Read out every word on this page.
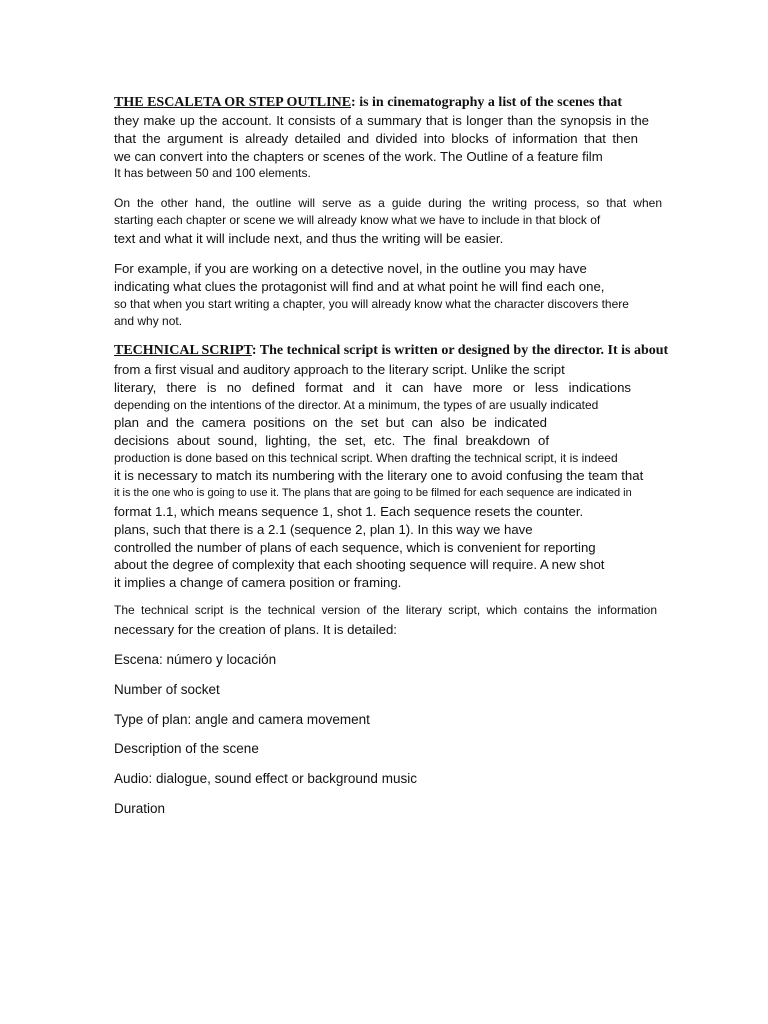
THE ESCALETA OR STEP OUTLINE: is in cinematography a list of the scenes that
they make up the account. It consists of a summary that is longer than the synopsis in the
that the argument is already detailed and divided into blocks of information that then
we can convert into the chapters or scenes of the work. The Outline of a feature film
It has between 50 and 100 elements.
On the other hand, the outline will serve as a guide during the writing process, so that when
starting each chapter or scene we will already know what we have to include in that block of
text and what it will include next, and thus the writing will be easier.
For example, if you are working on a detective novel, in the outline you may have
indicating what clues the protagonist will find and at what point he will find each one,
so that when you start writing a chapter, you will already know what the character discovers there
and why not.
TECHNICAL SCRIPT: The technical script is written or designed by the director. It is about
from a first visual and auditory approach to the literary script. Unlike the script
literary, there is no defined format and it can have more or less indications
depending on the intentions of the director. At a minimum, the types of are usually indicated
plan and the camera positions on the set but can also be indicated
decisions about sound, lighting, the set, etc. The final breakdown of
production is done based on this technical script. When drafting the technical script, it is indeed
it is necessary to match its numbering with the literary one to avoid confusing the team that
it is the one who is going to use it. The plans that are going to be filmed for each sequence are indicated in
format 1.1, which means sequence 1, shot 1. Each sequence resets the counter.
plans, such that there is a 2.1 (sequence 2, plan 1). In this way we have
controlled the number of plans of each sequence, which is convenient for reporting
about the degree of complexity that each shooting sequence will require. A new shot
it implies a change of camera position or framing.
The technical script is the technical version of the literary script, which contains the information
necessary for the creation of plans. It is detailed:
Escena: número y locación
Number of socket
Type of plan: angle and camera movement
Description of the scene
Audio: dialogue, sound effect or background music
Duration
